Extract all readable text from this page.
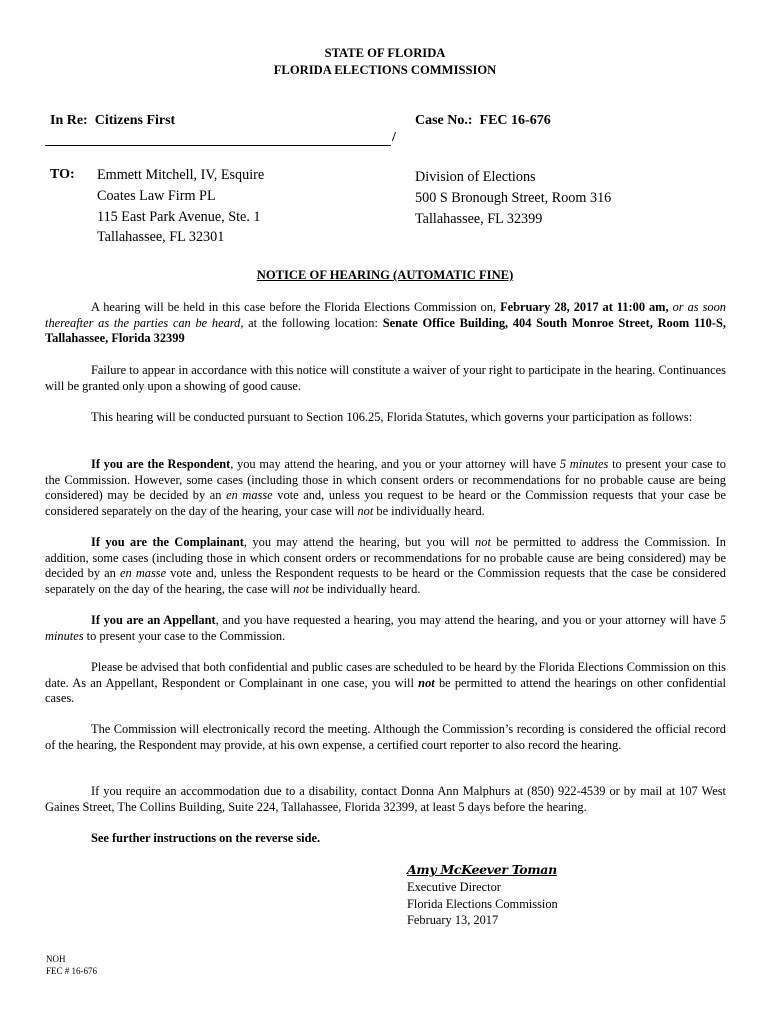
STATE OF FLORIDA
FLORIDA ELECTIONS COMMISSION
In Re: Citizens First	Case No.: FEC 16-676
/
TO: Emmett Mitchell, IV, Esquire
Coates Law Firm PL
115 East Park Avenue, Ste. 1
Tallahassee, FL 32301
Division of Elections
500 S Bronough Street, Room 316
Tallahassee, FL 32399
NOTICE OF HEARING (AUTOMATIC FINE)

A hearing will be held in this case before the Florida Elections Commission on, February 28, 2017 at 11:00 am, or as soon thereafter as the parties can be heard, at the following location: Senate Office Building, 404 South Monroe Street, Room 110-S, Tallahassee, Florida 32399

Failure to appear in accordance with this notice will constitute a waiver of your right to participate in the hearing. Continuances will be granted only upon a showing of good cause.

This hearing will be conducted pursuant to Section 106.25, Florida Statutes, which governs your participation as follows:

If you are the Respondent, you may attend the hearing, and you or your attorney will have 5 minutes to present your case to the Commission. However, some cases (including those in which consent orders or recommendations for no probable cause are being considered) may be decided by an en masse vote and, unless you request to be heard or the Commission requests that your case be considered separately on the day of the hearing, your case will not be individually heard.

If you are the Complainant, you may attend the hearing, but you will not be permitted to address the Commission. In addition, some cases (including those in which consent orders or recommendations for no probable cause are being considered) may be decided by an en masse vote and, unless the Respondent requests to be heard or the Commission requests that the case be considered separately on the day of the hearing, the case will not be individually heard.

If you are an Appellant, and you have requested a hearing, you may attend the hearing, and you or your attorney will have 5 minutes to present your case to the Commission.

Please be advised that both confidential and public cases are scheduled to be heard by the Florida Elections Commission on this date. As an Appellant, Respondent or Complainant in one case, you will not be permitted to attend the hearings on other confidential cases.

The Commission will electronically record the meeting. Although the Commission’s recording is considered the official record of the hearing, the Respondent may provide, at his own expense, a certified court reporter to also record the hearing.

If you require an accommodation due to a disability, contact Donna Ann Malphurs at (850) 922-4539 or by mail at 107 West Gaines Street, The Collins Building, Suite 224, Tallahassee, Florida 32399, at least 5 days before the hearing.

See further instructions on the reverse side.

Amy McKeever Toman
Executive Director
Florida Elections Commission
February 13, 2017
NOH
FEC # 16-676
